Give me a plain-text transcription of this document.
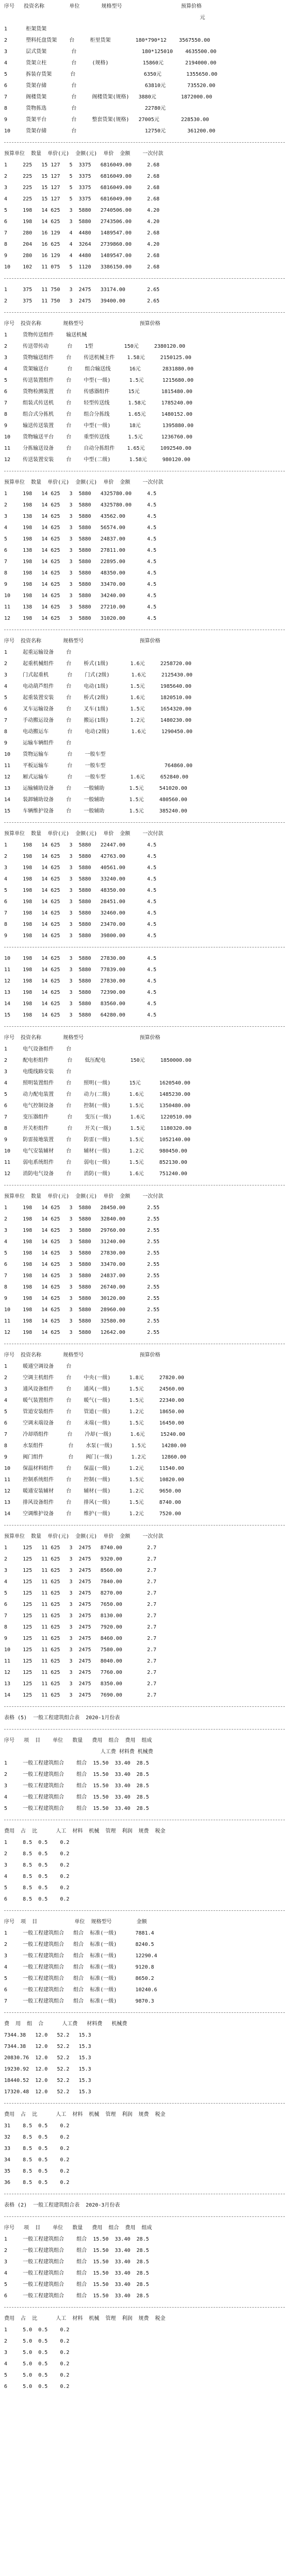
序号   投资名称        单位       规格型号                   预算价格
元
1      柜架货架
2      塑料托盘货架    台     柜里货架        180*790*12    3567550.00
3      层式货架        台                     180*125010    4635500.00
4      货架立柱        台     (规格)           15860元       2194000.00
5      拆装存货架      台                      6350元        1355650.00
6      货架存储        台                      63810元       735520.00
7      阁楼货架        台     阁楼货架(规格)   3880元        1872000.00
8      货物拣选        台                      22780元
9      货架平台        台     整套货架(规格)   27005元       228530.00
10     货架存储        台                      12750元       361200.00
预算单位  数量  单价(元)  金额(元)  单价  金额    一次付款
1     225   15 127   5  3375   6816049.00     2.68
2     225   15 127   5  3375   6816049.00     2.68
3     225   15 127   5  3375   6816049.00     2.68
4     225   15 127   5  3375   6816049.00     2.68
5     198   14 625   3  5880   2740506.00     4.20
6     198   14 625   3  5880   2743506.00     4.20
7     280   16 129   4  4480   1489547.00     2.68
8     204   16 625   4  3264   2739860.00     4.20
9     280   16 129   4  4480   1489547.00     2.68
10    102   11 075   5  1120   3386150.00     2.68
1     375   11 750   3  2475   33174.00       2.65
2     375   11 750   3  2475   39400.00       2.65
序号  投资名称       规格型号                  预算价格
1     货物传送组件    输送机械
2     传送带传动      台    1型          150元     2380120.00
3     货物输送组件    台    传送机械主件    1.58元     2150125.00
4     货架输送台      台    组合输送线      16元       2831880.00
5     传送装置组件    台    中型(一级)      1.5元      1215680.00
6     货物检测装置    台    传感器组件      15元       1815480.00
7     组装式传送机    台    轻型传送线      1.58元     1785240.00
8     组合式分拣机    台    组合分拣线      1.65元     1480152.00
9     输送传送装置    台    中型(一级)      18元       1395880.00
10    货物输送平台    台    重型传送线      1.5元      1236760.00
11    分拣输送设备    台    自动分拣组件    1.65元     1092540.00
12    传送装置安装    台    中型(二级)      1.58元     980120.00
预算单位  数量  单价(元)  金额(元)  单价  金额    一次付款
1     198   14 625   3  5880   4325780.00     4.5
2     198   14 625   3  5880   4325780.00     4.5
3     138   14 625   3  5880   43562.00       4.5
4     198   14 625   3  5880   56574.00       4.5
5     198   14 625   3  5880   24837.00       4.5
6     138   14 625   3  5880   27811.00       4.5
7     198   14 625   3  5880   22895.00       4.5
8     198   14 625   3  5880   48350.00       4.5
9     198   14 625   3  5880   33470.00       4.5
10    198   14 625   3  5880   34240.00       4.5
11    138   14 625   3  5880   27210.00       4.5
12    198   14 625   3  5880   31020.00       4.5
序号  投资名称       规格型号                  预算价格
1     起重运输设备    台
2     起重机械组件    台    桥式(1级)       1.6元     2258720.00
3     门式起重机      台    门式(2级)       1.6元     2125430.00
4     电动葫芦组件    台    电动(1级)       1.5元     1985640.00
5     起重装置安装    台    桥式(2级)       1.6元     1820510.00
6     叉车运输设备    台    叉车(1级)       1.5元     1654320.00
7     手动搬运设备    台    搬运(1级)       1.2元     1480230.00
8     电动搬运车      台    电动(2级)       1.6元     1290450.00
9     运输车辆组件    台
10    货物运输车      台    一般车型
11    平板运输车      台    一般车型                   764860.00
12    厢式运输车      台    一般车型        1.6元     652840.00
13    运输辅助设备    台    一般辅助        1.5元     541020.00
14    装卸辅助设备    台    一般辅助        1.5元     480560.00
15    车辆维护设备    台    一般辅助        1.5元     385240.00
预算单位  数量  单价(元)  金额(元)  单价  金额    一次付款
1     198   14 625   3  5880   22447.00       4.5
2     198   14 625   3  5880   42763.00       4.5
3     198   14 625   3  5880   40561.00       4.5
4     198   14 625   3  5880   33240.00       4.5
5     198   14 625   3  5880   48350.00       4.5
6     198   14 625   3  5880   28451.00       4.5
7     198   14 625   3  5880   32460.00       4.5
8     198   14 625   3  5880   23470.00       4.5
9     198   14 625   3  5880   39800.00       4.5
10    198   14 625   3  5880   27830.00       4.5
11    198   14 625   3  5880   77839.00       4.5
12    198   14 625   3  5880   27830.00       4.5
13    198   14 625   3  5880   72390.00       4.5
14    198   14 625   3  5880   83560.00       4.5
15    198   14 625   3  5880   64280.00       4.5
序号  投资名称       规格型号                  预算价格
1     电气设备组件    台
2     配电柜组件      台    低压配电        150元     1850000.00
3     电缆线路安装    台
4     照明装置组件    台    照明(一级)      15元      1620540.00
5     动力配电装置    台    动力(二级)      1.6元     1485230.00
6     电气控制设备    台    控制(一级)      1.5元     1350480.00
7     变压器组件      台    变压(一级)      1.6元     1220510.00
8     开关柜组件      台    开关(一级)      1.5元     1180320.00
9     防雷接地装置    台    防雷(一级)      1.5元     1052140.00
10    电气安装辅材    台    辅材(一级)      1.2元     980450.00
11    弱电系统组件    台    弱电(一级)      1.5元     852130.00
12    消防电气设备    台    消防(一级)      1.6元     751240.00
预算单位  数量  单价(元)  金额(元)  单价  金额    一次付款
1     198   14 625   3  5880   28450.00       2.55
2     198   14 625   3  5880   32840.00       2.55
3     198   14 625   3  5880   29760.00       2.55
4     198   14 625   3  5880   31240.00       2.55
5     198   14 625   3  5880   27830.00       2.55
6     198   14 625   3  5880   33470.00       2.55
7     198   14 625   3  5880   24837.00       2.55
8     198   14 625   3  5880   26740.00       2.55
9     198   14 625   3  5880   30120.00       2.55
10    198   14 625   3  5880   28960.00       2.55
11    198   14 625   3  5880   32580.00       2.55
12    198   14 625   3  5880   12642.00       2.55
序号  投资名称       规格型号                  预算价格
1     暖通空调设备    台
2     空调主机组件    台    中央(一级)      1.8元     27820.00
3     通风设备组件    台    通风(一级)      1.5元     24560.00
4     暖气装置组件    台    暖气(一级)      1.5元     22340.00
5     管道安装组件    台    管道(一级)      1.2元     18650.00
6     空调末端设备    台    末端(一级)      1.5元     16450.00
7     冷却塔组件      台    冷却(一级)      1.6元     15240.00
8     水泵组件        台    水泵(一级)      1.5元     14280.00
9     阀门组件        台    阀门(一级)      1.2元     12860.00
10    保温材料组件    台    保温(一级)      1.2元     11540.00
11    控制系统组件    台    控制(一级)      1.5元     10820.00
12    暖通安装辅材    台    辅材(一级)      1.2元     9650.00
13    排风设备组件    台    排风(一级)      1.5元     8740.00
14    空调维护设备    台    维护(一级)      1.2元     7520.00
预算单位  数量  单价(元)  金额(元)  单价  金额    一次付款
1     125   11 625   3  2475   8740.00        2.7
2     125   11 625   3  2475   9320.00        2.7
3     125   11 625   3  2475   8560.00        2.7
4     125   11 625   3  2475   7840.00        2.7
5     125   11 625   3  2475   8270.00        2.7
6     125   11 625   3  2475   7650.00        2.7
7     125   11 625   3  2475   8130.00        2.7
8     125   11 625   3  2475   7920.00        2.7
9     125   11 625   3  2475   8460.00        2.7
10    125   11 625   3  2475   7580.00        2.7
11    125   11 625   3  2475   8040.00        2.7
12    125   11 625   3  2475   7760.00        2.7
13    125   11 625   3  2475   8350.00        2.7
14    125   11 625   3  2475   7690.00        2.7
表格 (5)  一般工程建筑组合表  2020-1月份表
序号   项  目    单位   数量   费用  组合  费用  组成
人工费 材料费 机械费
1     一般工程建筑组合    组合  15.50  33.40  28.5
2     一般工程建筑组合    组合  15.50  33.40  28.5
3     一般工程建筑组合    组合  15.50  33.40  28.5
4     一般工程建筑组合    组合  15.50  33.40  28.5
5     一般工程建筑组合    组合  15.50  33.40  28.5
费用  占  比      人工  材料  机械  管理  利润  规费  税金
1     8.5  0.5    0.2
2     8.5  0.5    0.2
3     8.5  0.5    0.2
4     8.5  0.5    0.2
5     8.5  0.5    0.2
6     8.5  0.5    0.2
序号  项  目            单位  规格型号        金额
1     一般工程建筑组合   组合  标准(一级)      7881.4
2     一般工程建筑组合   组合  标准(一级)      8240.5
3     一般工程建筑组合   组合  标准(一级)      12290.4
4     一般工程建筑组合   组合  标准(一级)      9120.8
5     一般工程建筑组合   组合  标准(一级)      8650.2
6     一般工程建筑组合   组合  标准(一级)      10240.6
7     一般工程建筑组合   组合  标准(一级)      9870.3
费  用  组  合      人工费   材料费   机械费
7344.38   12.0   52.2   15.3
7344.38   12.0   52.2   15.3
20830.76  12.0   52.2   15.3
19230.92  12.0   52.2   15.3
18440.52  12.0   52.2   15.3
17320.48  12.0   52.2   15.3
费用  占  比      人工  材料  机械  管理  利润  规费  税金
31    8.5  0.5    0.2
32    8.5  0.5    0.2
33    8.5  0.5    0.2
34    8.5  0.5    0.2
35    8.5  0.5    0.2
36    8.5  0.5    0.2
表格 (2)  一般工程建筑组合表  2020-3月份表
序号   项  目    单位   数量   费用  组合  费用  组成
1     一般工程建筑组合    组合  15.50  33.40  28.5
2     一般工程建筑组合    组合  15.50  33.40  28.5
3     一般工程建筑组合    组合  15.50  33.40  28.5
4     一般工程建筑组合    组合  15.50  33.40  28.5
5     一般工程建筑组合    组合  15.50  33.40  28.5
6     一般工程建筑组合    组合  15.50  33.40  28.5
费用  占  比      人工  材料  机械  管理  利润  规费  税金
1     5.0  0.5    0.2
2     5.0  0.5    0.2
3     5.0  0.5    0.2
4     5.0  0.5    0.2
5     5.0  0.5    0.2
6     5.0  0.5    0.2
